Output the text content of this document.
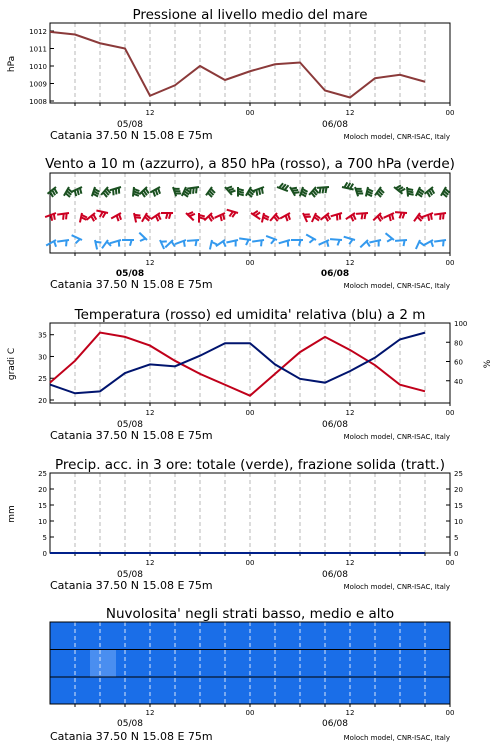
Pressione al livello medio del mare
hPa
1008
1009
1010
1011
1012
12	00	12	00
05/08	06/08
Catania 37.50 N 15.08 E 75m	Moloch model, CNR-ISAC, Italy
Vento a 10 m (azzurro), a 850 hPa (rosso), a 700 hPa (verde)
12	00	12	00
05/08	06/08
Catania 37.50 N 15.08 E 75m	Moloch model, CNR-ISAC, Italy
Temperatura (rosso) ed umidita' relativa (blu) a 2 m
gradi C	%
20
25
30
35
40
60
80
100
12	00	12	00
05/08	06/08
Catania 37.50 N 15.08 E 75m	Moloch model, CNR-ISAC, Italy
Precip. acc. in 3 ore: totale (verde), frazione solida (tratt.)
mm
0
5
10
15
20
25
0
5
10
15
20
25
12	00	12	00
05/08	06/08
Catania 37.50 N 15.08 E 75m	Moloch model, CNR-ISAC, Italy
Nuvolosita' negli strati basso, medio e alto
12	00	12	00
05/08	06/08
Catania 37.50 N 15.08 E 75m	Moloch model, CNR-ISAC, Italy
